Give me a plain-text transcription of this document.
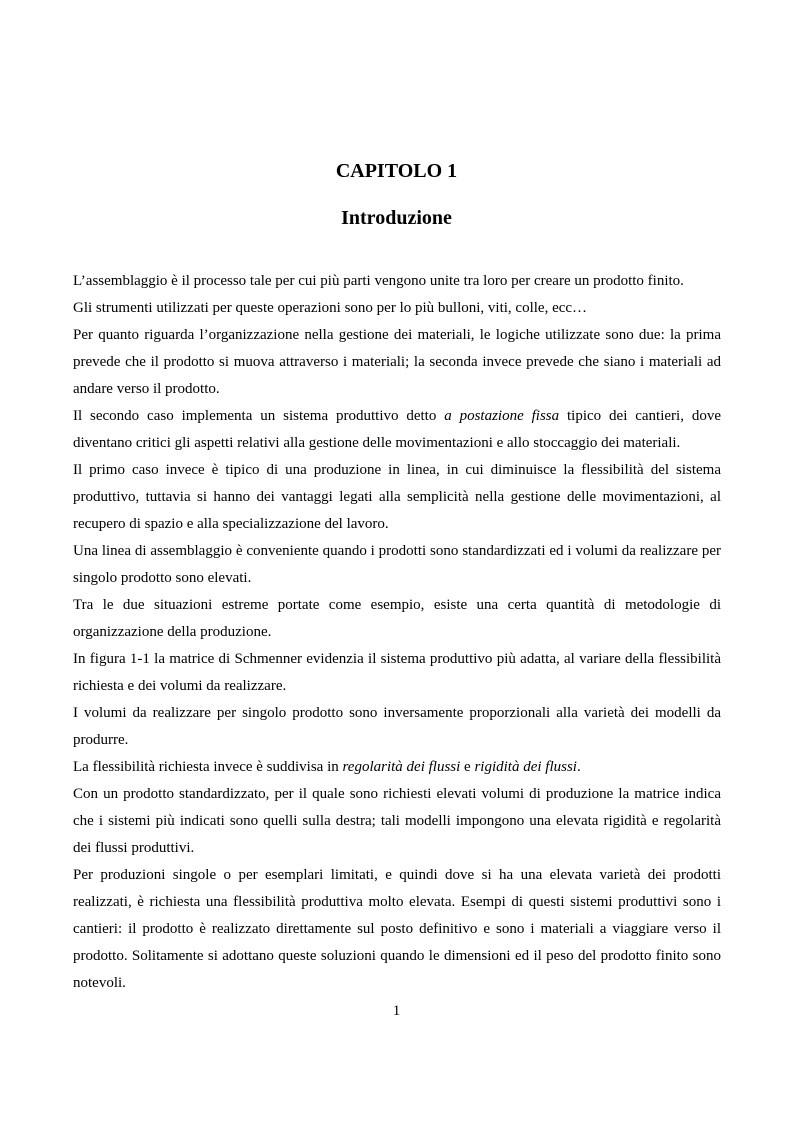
CAPITOLO 1
Introduzione

L’assemblaggio è il processo tale per cui più parti vengono unite tra loro per creare un prodotto finito.

Gli strumenti utilizzati per queste operazioni sono per lo più bulloni, viti, colle, ecc…

Per quanto riguarda l’organizzazione nella gestione dei materiali, le logiche utilizzate sono due: la prima prevede che il prodotto si muova attraverso i materiali; la seconda invece prevede che siano i materiali ad andare verso il prodotto.

Il secondo caso implementa un sistema produttivo detto a postazione fissa tipico dei cantieri, dove diventano critici gli aspetti relativi alla gestione delle movimentazioni e allo stoccaggio dei materiali.

Il primo caso invece è tipico di una produzione in linea, in cui diminuisce la flessibilità del sistema produttivo, tuttavia si hanno dei vantaggi legati alla semplicità nella gestione delle movimentazioni, al recupero di spazio e alla specializzazione del lavoro.

Una linea di assemblaggio è conveniente quando i prodotti sono standardizzati ed i volumi da realizzare per singolo prodotto sono elevati.

Tra le due situazioni estreme portate come esempio, esiste una certa quantità di metodologie di organizzazione della produzione.

In figura 1-1 la matrice di Schmenner evidenzia il sistema produttivo più adatta, al variare della flessibilità richiesta e dei volumi da realizzare.

I volumi da realizzare per singolo prodotto sono inversamente proporzionali alla varietà dei modelli da produrre.

La flessibilità richiesta invece è suddivisa in regolarità dei flussi e rigidità dei flussi.

Con un prodotto standardizzato, per il quale sono richiesti elevati volumi di produzione la matrice indica che i sistemi più indicati sono quelli sulla destra; tali modelli impongono una elevata rigidità e regolarità dei flussi produttivi.

Per produzioni singole o per esemplari limitati, e quindi dove si ha una elevata varietà dei prodotti realizzati, è richiesta una flessibilità produttiva molto elevata. Esempi di questi sistemi produttivi sono i cantieri: il prodotto è realizzato direttamente sul posto definitivo e sono i materiali a viaggiare verso il prodotto. Solitamente si adottano queste soluzioni quando le dimensioni ed il peso del prodotto finito sono notevoli.

1
